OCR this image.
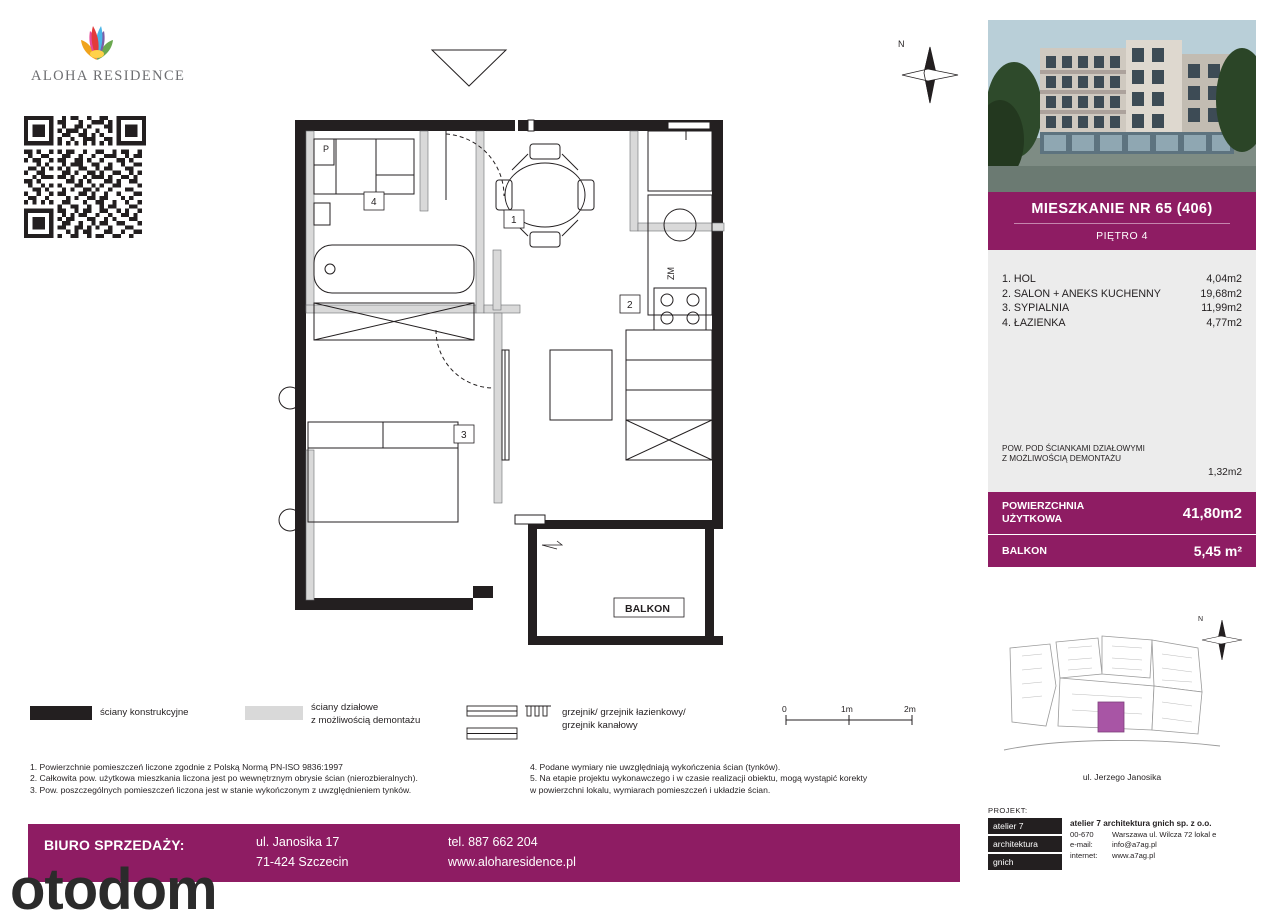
ALOHA RESIDENCE
N
1
2
3
4
P
ZM
BALKON
MIESZKANIE NR 65 (406)
PIĘTRO 4
1. HOL	4,04m2
2. SALON + ANEKS KUCHENNY	19,68m2
3. SYPIALNIA	11,99m2
4. ŁAZIENKA	4,77m2
POW. POD ŚCIANKAMI DZIAŁOWYMI
Z MOŻLIWOŚCIĄ DEMONTAŻU
1,32m2
POWIERZCHNIA
UŻYTKOWA	41,80m2
BALKON	5,45 m²
N
ul. Jerzego Janosika
ściany konstrukcyjne	ściany działowe
z możliwością demontażu
grzejnik/ grzejnik łazienkowy/
grzejnik kanałowy
0	1m	2m
1. Powierzchnie pomieszczeń liczone zgodnie z Polską Normą PN-ISO 9836:1997
2. Całkowita pow. użytkowa mieszkania liczona jest po wewnętrznym obrysie ścian (nierozbieralnych).
3. Pow. poszczególnych pomieszczeń liczona jest w stanie wykończonym z uwzględnieniem tynków.
4. Podane wymiary nie uwzględniają wykończenia ścian (tynków).
5. Na etapie projektu wykonawczego i w czasie realizacji obiektu, mogą wystąpić korekty
w powierzchni lokalu, wymiarach pomieszczeń i układzie ścian.
BIURO SPRZEDAŻY:	ul. Janosika 17
71-424 Szczecin
tel. 887 662 204
www.aloharesidence.pl
PROJEKT:
atelier 7
architektura
gnich
atelier 7 architektura gnich sp. z o.o.
00-670	Warszawa ul. Wilcza 72 lokal e
e-mail:	info@a7ag.pl
internet:	www.a7ag.pl
otodom
